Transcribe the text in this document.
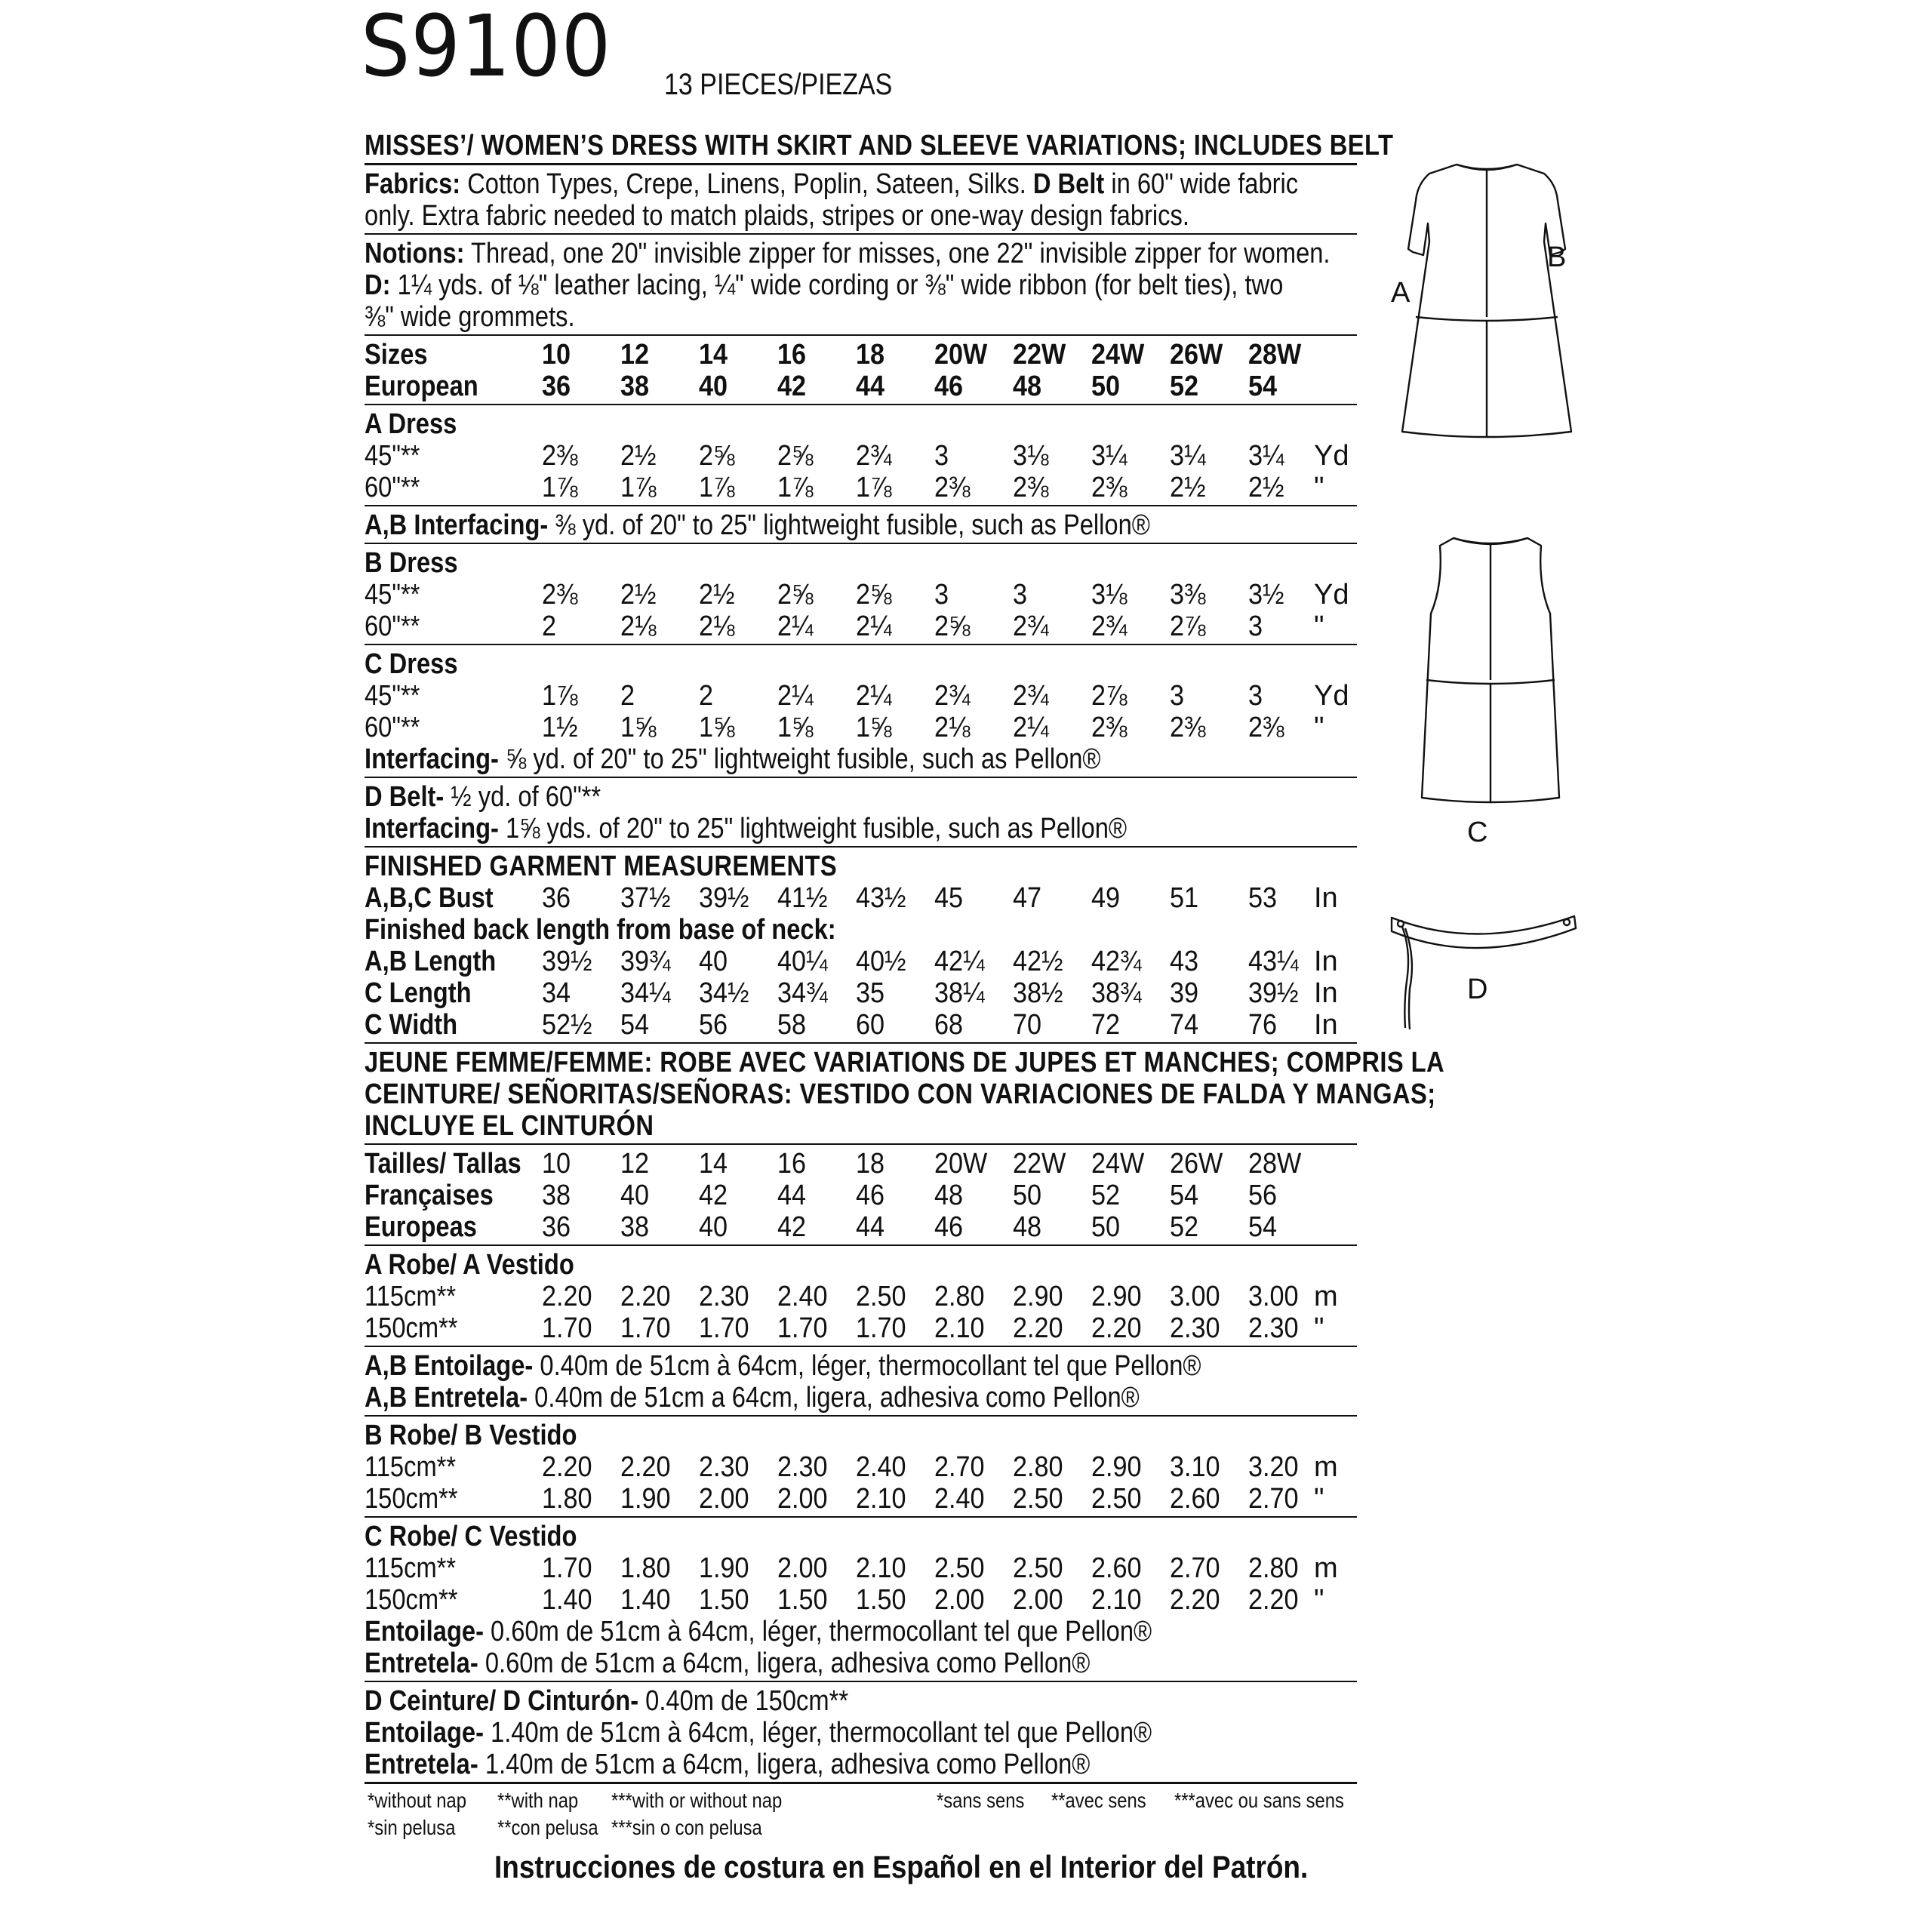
S9100 13 PIECES/PIEZAS
MISSES’/ WOMEN’S DRESS WITH SKIRT AND SLEEVE VARIATIONS; INCLUDES BELT
Fabrics: Cotton Types, Crepe, Linens, Poplin, Sateen, Silks. D Belt in 60" wide fabric
only. Extra fabric needed to match plaids, stripes or one-way design fabrics.
Notions: Thread, one 20" invisible zipper for misses, one 22" invisible zipper for women.
D: 1¼ yds. of ⅛" leather lacing, ¼" wide cording or ⅜" wide ribbon (for belt ties), two
⅜" wide grommets.
Sizes	10 12 14 16 18 20W 22W 24W 26W 28W
European	36 38 40 42 44 46 48 50 52 54
A Dress
45"**	2⅜ 2½ 2⅝ 2⅝ 2¾ 3 3⅛ 3¼ 3¼ 3¼ Yd
60"**	1⅞ 1⅞ 1⅞ 1⅞ 1⅞ 2⅜ 2⅜ 2⅜ 2½ 2½ "
A,B Interfacing- ⅜ yd. of 20" to 25" lightweight fusible, such as Pellon®
B Dress
45"**	2⅜ 2½ 2½ 2⅝ 2⅝ 3 3 3⅛ 3⅜ 3½ Yd
60"**	2 2⅛ 2⅛ 2¼ 2¼ 2⅝ 2¾ 2¾ 2⅞ 3 "
C Dress
45"**	1⅞ 2 2 2¼ 2¼ 2¾ 2¾ 2⅞ 3 3 Yd
60"**	1½ 1⅝ 1⅝ 1⅝ 1⅝ 2⅛ 2¼ 2⅜ 2⅜ 2⅜ "
Interfacing- ⅝ yd. of 20" to 25" lightweight fusible, such as Pellon®
D Belt- ½ yd. of 60"**
Interfacing- 1⅝ yds. of 20" to 25" lightweight fusible, such as Pellon®
FINISHED GARMENT MEASUREMENTS
A,B,C Bust	36 37½ 39½ 41½ 43½ 45 47 49 51 53 In
Finished back length from base of neck:
A,B Length	39½ 39¾ 40 40¼ 40½ 42¼ 42½ 42¾ 43 43¼ In
C Length	34 34¼ 34½ 34¾ 35 38¼ 38½ 38¾ 39 39½ In
C Width	52½ 54 56 58 60 68 70 72 74 76 In
JEUNE FEMME/FEMME: ROBE AVEC VARIATIONS DE JUPES ET MANCHES; COMPRIS LA
CEINTURE/ SEÑORITAS/SEÑORAS: VESTIDO CON VARIACIONES DE FALDA Y MANGAS;
INCLUYE EL CINTURÓN
Tailles/ Tallas 10 12 14 16 18 20W 22W 24W 26W 28W
Françaises	38 40 42 44 46 48 50 52 54 56
Europeas	36 38 40 42 44 46 48 50 52 54
A Robe/ A Vestido
115cm**	2.20 2.20 2.30 2.40 2.50 2.80 2.90 2.90 3.00 3.00 m
150cm**	1.70 1.70 1.70 1.70 1.70 2.10 2.20 2.20 2.30 2.30 "
A,B Entoilage- 0.40m de 51cm à 64cm, léger, thermocollant tel que Pellon®
A,B Entretela- 0.40m de 51cm a 64cm, ligera, adhesiva como Pellon®
B Robe/ B Vestido
115cm**	2.20 2.20 2.30 2.30 2.40 2.70 2.80 2.90 3.10 3.20 m
150cm**	1.80 1.90 2.00 2.00 2.10 2.40 2.50 2.50 2.60 2.70 "
C Robe/ C Vestido
115cm**	1.70 1.80 1.90 2.00 2.10 2.50 2.50 2.60 2.70 2.80 m
150cm**	1.40 1.40 1.50 1.50 1.50 2.00 2.00 2.10 2.20 2.20 "
Entoilage- 0.60m de 51cm à 64cm, léger, thermocollant tel que Pellon®
Entretela- 0.60m de 51cm a 64cm, ligera, adhesiva como Pellon®
D Ceinture/ D Cinturón- 0.40m de 150cm**
Entoilage- 1.40m de 51cm à 64cm, léger, thermocollant tel que Pellon®
Entretela- 1.40m de 51cm a 64cm, ligera, adhesiva como Pellon®
*without nap **with nap ***with or without nap	*sans sens **avec sens ***avec ou sans sens
*sin pelusa **con pelusa ***sin o con pelusa
Instrucciones de costura en Español en el Interior del Patrón.
A
B
C
D
